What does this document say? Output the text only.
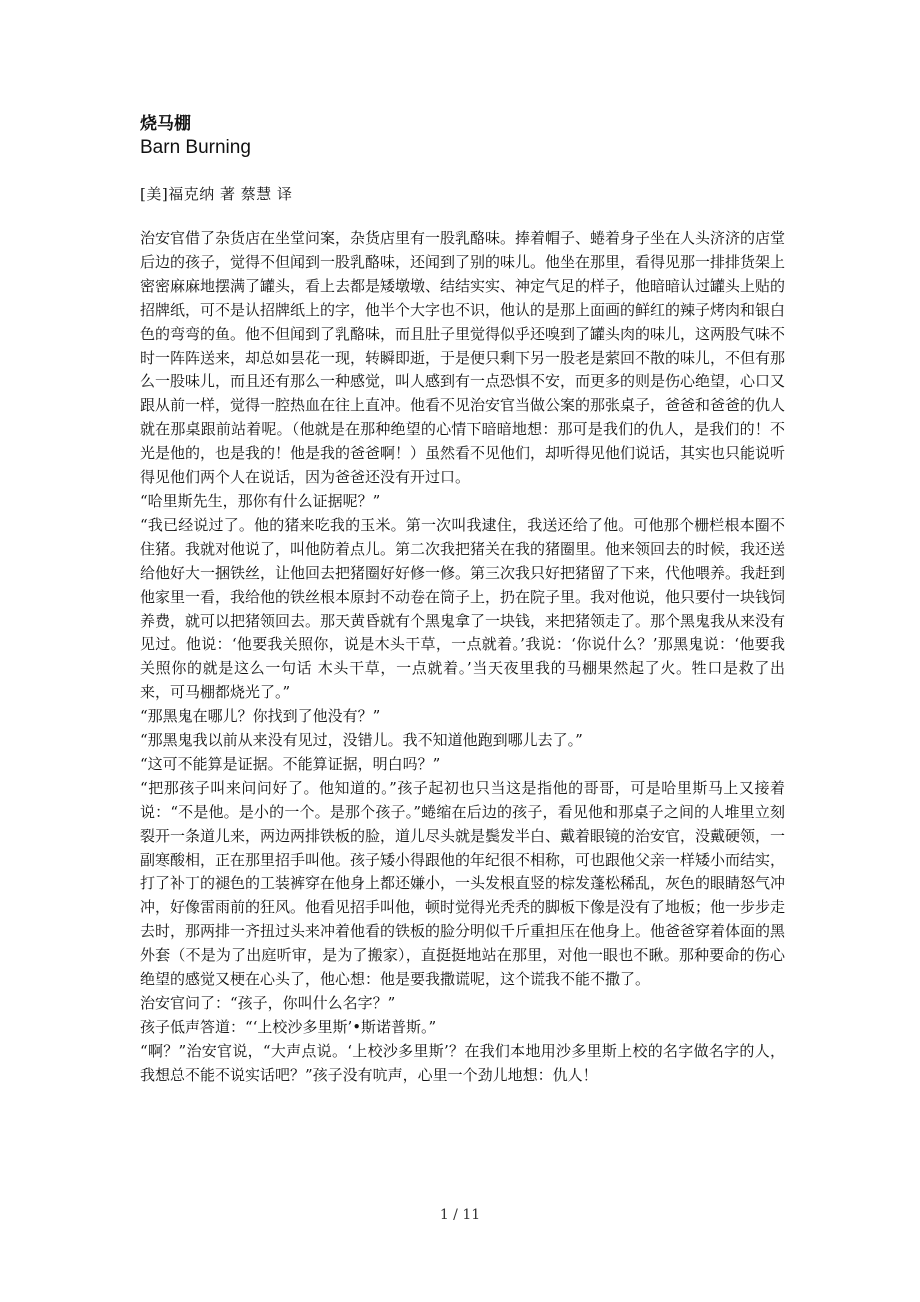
烧马棚
Barn Burning
[美]福克纳 著 蔡慧 译

治安官借了杂货店在坐堂问案，杂货店里有一股乳酪味。捧着帽子、蜷着身子坐在人头济济的店堂后边的孩子，觉得不但闻到一股乳酪味，还闻到了别的味儿。他坐在那里，看得见那一排排货架上密密麻麻地摆满了罐头，看上去都是矮墩墩、结结实实、神定气足的样子，他暗暗认过罐头上贴的招牌纸，可不是认招牌纸上的字，他半个大字也不识，他认的是那上面画的鲜红的辣子烤肉和银白色的弯弯的鱼。他不但闻到了乳酪味，而且肚子里觉得似乎还嗅到了罐头肉的味儿，这两股气味不时一阵阵送来，却总如昙花一现，转瞬即逝，于是便只剩下另一股老是萦回不散的味儿，不但有那么一股味儿，而且还有那么一种感觉，叫人感到有一点恐惧不安，而更多的则是伤心绝望，心口又跟从前一样，觉得一腔热血在往上直冲。他看不见治安官当做公案的那张桌子，爸爸和爸爸的仇人就在那桌跟前站着呢。（他就是在那种绝望的心情下暗暗地想：那可是我们的仇人，是我们的！不光是他的，也是我的！他是我的爸爸啊！）虽然看不见他们，却听得见他们说话，其实也只能说听得见他们两个人在说话，因为爸爸还没有开过口。

“哈里斯先生，那你有什么证据呢？”

“我已经说过了。他的猪来吃我的玉米。第一次叫我逮住，我送还给了他。可他那个栅栏根本圈不住猪。我就对他说了，叫他防着点儿。第二次我把猪关在我的猪圈里。他来领回去的时候，我还送给他好大一捆铁丝，让他回去把猪圈好好修一修。第三次我只好把猪留了下来，代他喂养。我赶到他家里一看，我给他的铁丝根本原封不动卷在筒子上，扔在院子里。我对他说，他只要付一块钱饲养费，就可以把猪领回去。那天黄昏就有个黑鬼拿了一块钱，来把猪领走了。那个黑鬼我从来没有见过。他说：‘他要我关照你，说是木头干草，一点就着。’我说：‘你说什么？’那黑鬼说：‘他要我关照你的就是这么一句话 木头干草，一点就着。’当天夜里我的马棚果然起了火。牲口是救了出来，可马棚都烧光了。”

“那黑鬼在哪儿？你找到了他没有？”

“那黑鬼我以前从来没有见过，没错儿。我不知道他跑到哪儿去了。”

“这可不能算是证据。不能算证据，明白吗？”

“把那孩子叫来问问好了。他知道的。”孩子起初也只当这是指他的哥哥，可是哈里斯马上又接着说：“不是他。是小的一个。是那个孩子。”蜷缩在后边的孩子，看见他和那桌子之间的人堆里立刻裂开一条道儿来，两边两排铁板的脸，道儿尽头就是鬓发半白、戴着眼镜的治安官，没戴硬领，一副寒酸相，正在那里招手叫他。孩子矮小得跟他的年纪很不相称，可也跟他父亲一样矮小而结实，打了补丁的褪色的工装裤穿在他身上都还嫌小，一头发根直竖的棕发蓬松稀乱，灰色的眼睛怒气冲冲，好像雷雨前的狂风。他看见招手叫他，顿时觉得光秃秃的脚板下像是没有了地板；他一步步走去时，那两排一齐扭过头来冲着他看的铁板的脸分明似千斤重担压在他身上。他爸爸穿着体面的黑外套（不是为了出庭听审，是为了搬家），直挺挺地站在那里，对他一眼也不瞅。那种要命的伤心绝望的感觉又梗在心头了，他心想：他是要我撒谎呢，这个谎我不能不撒了。

治安官问了：“孩子，你叫什么名字？”

孩子低声答道：“‘上校沙多里斯’•斯诺普斯。”

“啊？”治安官说，“大声点说。‘上校沙多里斯’？在我们本地用沙多里斯上校的名字做名字的人，我想总不能不说实话吧？”孩子没有吭声，心里一个劲儿地想：仇人！

1 / 11
